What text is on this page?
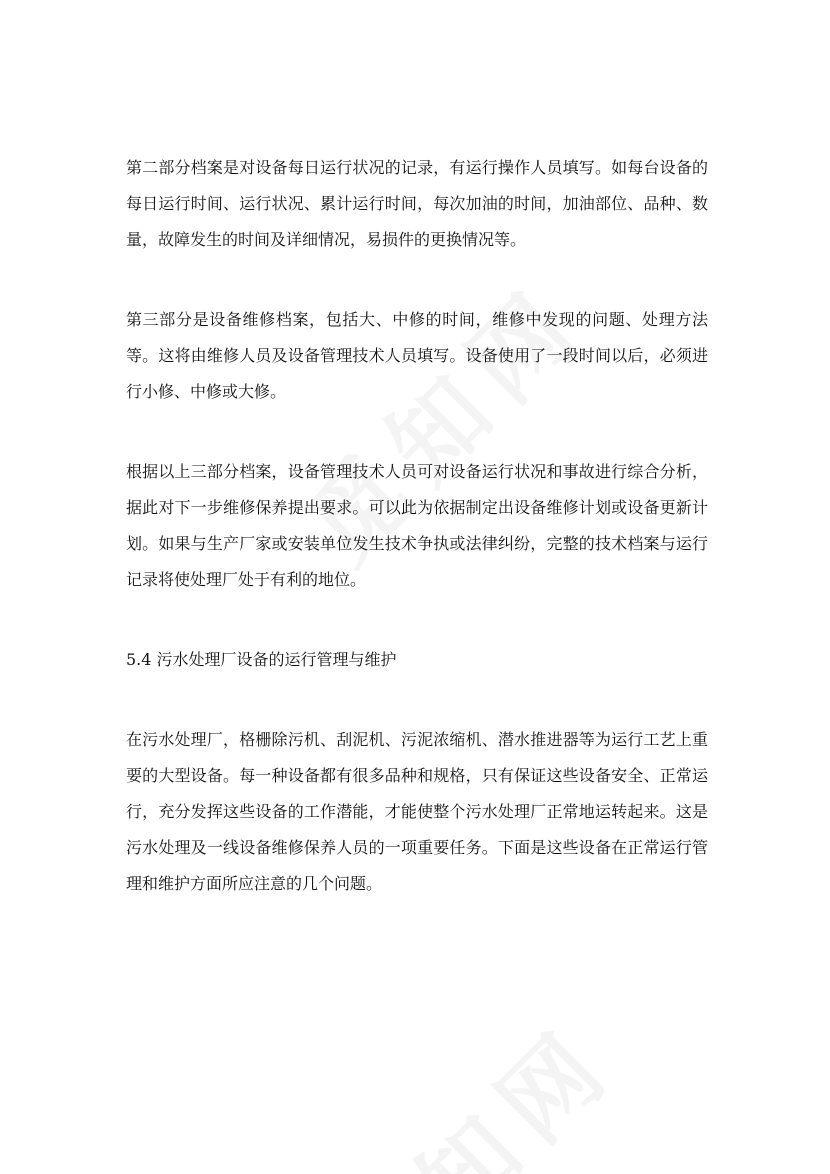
第二部分档案是对设备每日运行状况的记录，有运行操作人员填写。如每台设备的每日运行时间、运行状况、累计运行时间，每次加油的时间，加油部位、品种、数量，故障发生的时间及详细情况，易损件的更换情况等。

第三部分是设备维修档案，包括大、中修的时间，维修中发现的问题、处理方法等。这将由维修人员及设备管理技术人员填写。设备使用了一段时间以后，必须进行小修、中修或大修。

根据以上三部分档案，设备管理技术人员可对设备运行状况和事故进行综合分析，据此对下一步维修保养提出要求。可以此为依据制定出设备维修计划或设备更新计划。如果与生产厂家或安装单位发生技术争执或法律纠纷，完整的技术档案与运行记录将使处理厂处于有利的地位。

5.4 污水处理厂设备的运行管理与维护

在污水处理厂，格栅除污机、刮泥机、污泥浓缩机、潜水推进器等为运行工艺上重要的大型设备。每一种设备都有很多品种和规格，只有保证这些设备安全、正常运行，充分发挥这些设备的工作潜能，才能使整个污水处理厂正常地运转起来。这是污水处理及一线设备维修保养人员的一项重要任务。下面是这些设备在正常运行管理和维护方面所应注意的几个问题。
